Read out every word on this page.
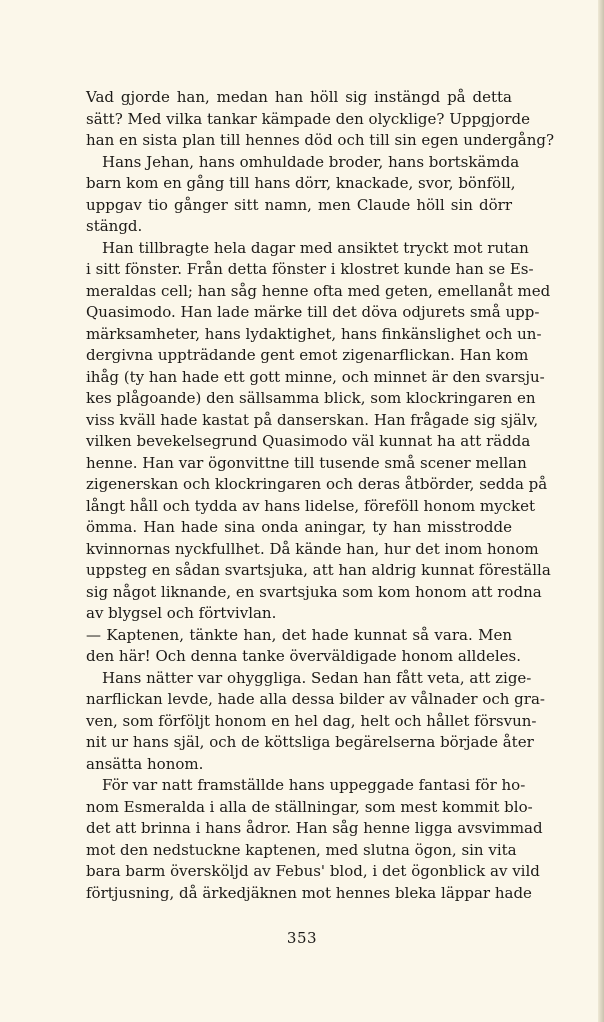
Vad gjorde han, medan han höll sig instängd på detta
sätt? Med vilka tankar kämpade den olycklige? Uppgjorde
han en sista plan till hennes död och till sin egen undergång?
Hans Jehan, hans omhuldade broder, hans bortskämda
barn kom en gång till hans dörr, knackade, svor, bönföll,
uppgav tio gånger sitt namn, men Claude höll sin dörr
stängd.
Han tillbragte hela dagar med ansiktet tryckt mot rutan
i sitt fönster. Från detta fönster i klostret kunde han se Es-
meraldas cell; han såg henne ofta med geten, emellanåt med
Quasimodo. Han lade märke till det döva odjurets små upp-
märksamheter, hans lydaktighet, hans finkänslighet och un-
dergivna uppträdande gent emot zigenarflickan. Han kom
ihåg (ty han hade ett gott minne, och minnet är den svarsju-
kes plågoande) den sällsamma blick, som klockringaren en
viss kväll hade kastat på danserskan. Han frågade sig själv,
vilken bevekelsegrund Quasimodo väl kunnat ha att rädda
henne. Han var ögonvittne till tusende små scener mellan
zigenerskan och klockringaren och deras åtbörder, sedda på
långt håll och tydda av hans lidelse, föreföll honom mycket
ömma. Han hade sina onda aningar, ty han misstrodde
kvinnornas nyckfullhet. Då kände han, hur det inom honom
uppsteg en sådan svartsjuka, att han aldrig kunnat föreställa
sig något liknande, en svartsjuka som kom honom att rodna
av blygsel och förtvivlan.
— Kaptenen, tänkte han, det hade kunnat så vara. Men
den här! Och denna tanke överväldigade honom alldeles.
Hans nätter var ohyggliga. Sedan han fått veta, att zige-
narflickan levde, hade alla dessa bilder av vålnader och gra-
ven, som förföljt honom en hel dag, helt och hållet försvun-
nit ur hans själ, och de köttsliga begärelserna började åter
ansätta honom.
För var natt framställde hans uppeggade fantasi för ho-
nom Esmeralda i alla de ställningar, som mest kommit blo-
det att brinna i hans ådror. Han såg henne ligga avsvimmad
mot den nedstuckne kaptenen, med slutna ögon, sin vita
bara barm översköljd av Febus' blod, i det ögonblick av vild
förtjusning, då ärkedjäknen mot hennes bleka läppar hade
353
